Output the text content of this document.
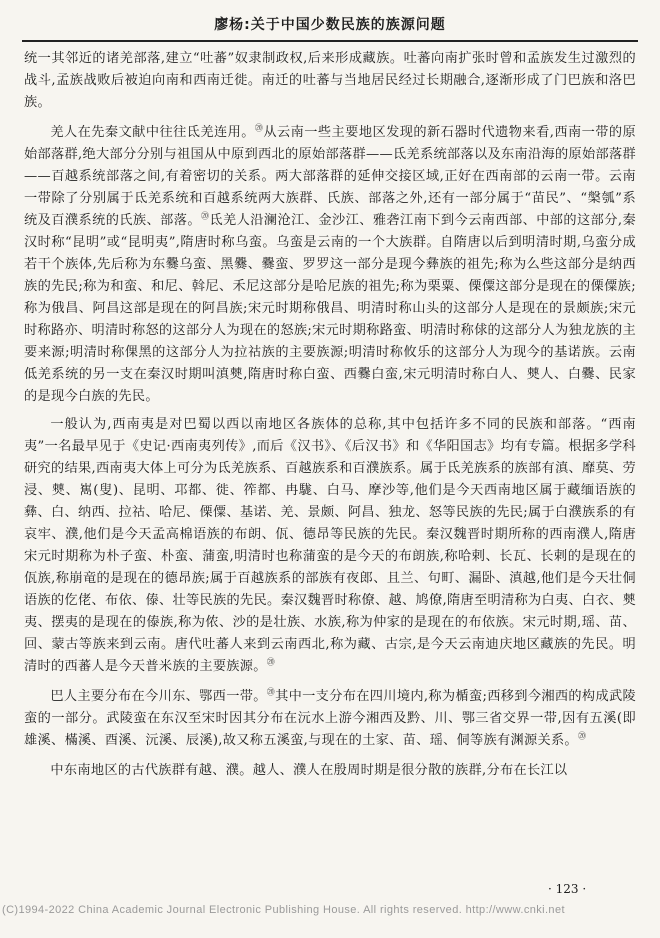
廖杨:关于中国少数民族的族源问题

统一其邻近的诸羌部落,建立“吐蕃”奴隶制政权,后来形成藏族。吐蕃向南扩张时曾和孟族发生过激烈的战斗,孟族战败后被迫向南和西南迁徙。南迁的吐蕃与当地居民经过长期融合,逐渐形成了门巴族和洛巴族。

羌人在先秦文献中往往氐羌连用。⑳从云南一些主要地区发现的新石器时代遗物来看,西南一带的原始部落群,绝大部分分别与祖国从中原到西北的原始部落群——氐羌系统部落以及东南沿海的原始部落群——百越系统部落之间,有着密切的关系。两大部落群的延伸交接区域,正好在西南部的云南一带。云南一带除了分别属于氐羌系统和百越系统两大族群、氏族、部落之外,还有一部分属于“苗民”、“槃瓠”系统及百濮系统的氏族、部落。⑳氐羌人沿澜沧江、金沙江、雅砻江南下到今云南西部、中部的这部分,秦汉时称“昆明”或“昆明夷”,隋唐时称乌蛮。乌蛮是云南的一个大族群。自隋唐以后到明清时期,乌蛮分成若干个族体,先后称为东爨乌蛮、黑爨、爨蛮、罗罗这一部分是现今彝族的祖先;称为么些这部分是纳西族的先民;称为和蛮、和尼、斡尼、禾尼这部分是哈尼族的祖先;称为栗粟、傈僳这部分是现在的傈僳族;称为俄昌、阿昌这部是现在的阿昌族;宋元时期称俄昌、明清时称山头的这部分人是现在的景颇族;宋元时称路亦、明清时称怒的这部分人为现在的怒族;宋元时期称路蛮、明清时称俅的这部分人为独龙族的主要来源;明清时称倮黑的这部分人为拉祜族的主要族源;明清时称攸乐的这部分人为现今的基诺族。云南低羌系统的另一支在秦汉时期叫滇僰,隋唐时称白蛮、西爨白蛮,宋元明清时称白人、僰人、白爨、民家的是现今白族的先民。

一般认为,西南夷是对巴蜀以西以南地区各族体的总称,其中包括许多不同的民族和部落。“西南夷”一名最早见于《史记·西南夷列传》,而后《汉书》、《后汉书》和《华阳国志》均有专篇。根据多学科研究的结果,西南夷大体上可分为氐羌族系、百越族系和百濮族系。属于氐羌族系的族部有滇、靡莫、劳浸、僰、嶲(叟)、昆明、邛都、徙、筰都、冉駹、白马、摩沙等,他们是今天西南地区属于藏缅语族的彝、白、纳西、拉祜、哈尼、傈僳、基诺、羌、景颇、阿昌、独龙、怒等民族的先民;属于白濮族系的有哀牢、濮,他们是今天孟高棉语族的布朗、佤、德昂等民族的先民。秦汉魏晋时期所称的西南濮人,隋唐宋元时期称为朴子蛮、朴蛮、蒲蛮,明清时也称蒲蛮的是今天的布朗族,称哈剌、长瓦、长剌的是现在的佤族,称崩竜的是现在的德昂族;属于百越族系的部族有夜郎、且兰、句町、漏卧、滇越,他们是今天壮侗语族的仡佬、布依、傣、壮等民族的先民。秦汉魏晋时称僚、越、鸠僚,隋唐至明清称为白夷、白衣、僰夷、摆夷的是现在的傣族,称为侬、沙的是壮族、水族,称为仲家的是现在的布依族。宋元时期,瑶、苗、回、蒙古等族来到云南。唐代吐蕃人来到云南西北,称为藏、古宗,是今天云南迪庆地区藏族的先民。明清时的西蕃人是今天普米族的主要族源。⑳

巴人主要分布在今川东、鄂西一带。⑳其中一支分布在四川境内,称为楯蛮;西移到今湘西的构成武陵蛮的一部分。武陵蛮在东汉至宋时因其分布在沅水上游今湘西及黔、川、鄂三省交界一带,因有五溪(即雄溪、樠溪、酉溪、沅溪、辰溪),故又称五溪蛮,与现在的土家、苗、瑶、侗等族有渊源关系。⑳

中东南地区的古代族群有越、濮。越人、濮人在殷周时期是很分散的族群,分布在长江以

· 123 ·
(C)1994-2022 China Academic Journal Electronic Publishing House. All rights reserved. http://www.cnki.net
